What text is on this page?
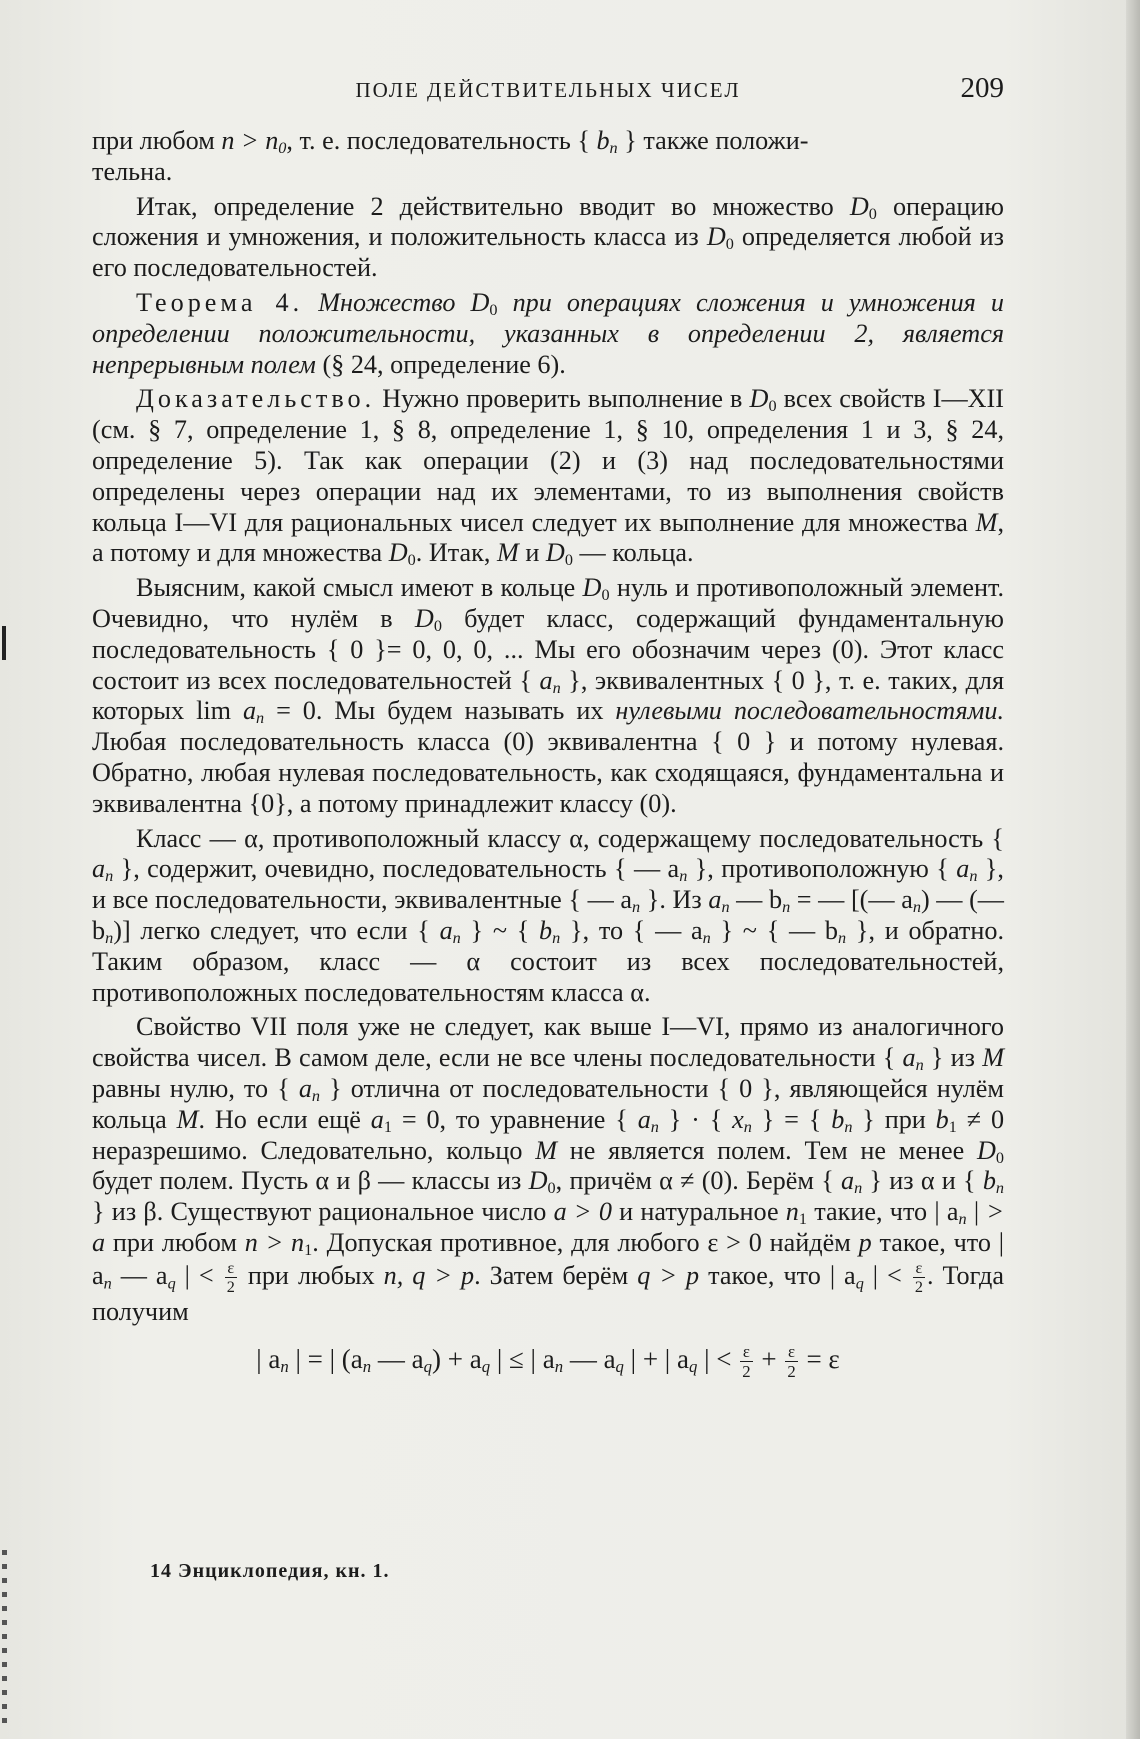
ПОЛЕ ДЕЙСТВИТЕЛЬНЫХ ЧИСЕЛ	209

при любом $n > n_0$, т. е. последовательность { $b_n$ } также положи-
тельна.

Итак, определение 2 действительно вводит во множество $D_0$ операцию сложения и умножения, и положительность класса из $D_0$ определяется любой из его последовательностей.

Теорема 4. Множество $D_0$ при операциях сложения и умножения и определении положительности, указанных в определении 2, является непрерывным полем (§ 24, определение 6).

Доказательство. Нужно проверить выполнение в $D_0$ всех свойств I—XII (см. § 7, определение 1, § 8, определение 1, § 10, определения 1 и 3, § 24, определение 5). Так как операции (2) и (3) над последовательностями определены через операции над их элементами, то из выполнения свойств кольца I—VI для рациональных чисел следует их выполнение для множества M, а потому и для множества $D_0$. Итак, M и $D_0$ — кольца.

Выясним, какой смысл имеют в кольце $D_0$ нуль и противоположный элемент. Очевидно, что нулём в $D_0$ будет класс, содержащий фундаментальную последовательность { 0 }= 0, 0, 0, ... Мы его обозначим через (0). Этот класс состоит из всех последовательностей { $a_n$ }, эквивалентных { 0 }, т. е. таких, для которых $\lim a_n = 0$. Мы будем называть их нулевыми последовательностями. Любая последовательность класса (0) эквивалентна { 0 } и потому нулевая. Обратно, любая нулевая последовательность, как сходящаяся, фундаментальна и эквивалентна {0}, а потому принадлежит классу (0).

Класс — α, противоположный классу α, содержащему последовательность { $a_n$ }, содержит, очевидно, последовательность { — $a_n$ }, противоположную { $a_n$ }, и все последовательности, эквивалентные { — $a_n$ }. Из $a_n$ — $b_n$ = — [(— $a_n$) — (— $b_n$)] легко следует, что если { $a_n$ } ~ { $b_n$ }, то { — $a_n$ } ~ { — $b_n$ }, и обратно. Таким образом, класс — α состоит из всех последовательностей, противоположных последовательностям класса α.

Свойство VII поля уже не следует, как выше I—VI, прямо из аналогичного свойства чисел. В самом деле, если не все члены последовательности { $a_n$ } из M равны нулю, то { $a_n$ } отлична от последовательности { 0 }, являющейся нулём кольца M. Но если ещё $a_1 = 0$, то уравнение { $a_n$ } · { $x_n$ } = { $b_n$ } при $b_1 \ne 0$ неразрешимо. Следовательно, кольцо M не является полем. Тем не менее $D_0$ будет полем. Пусть α и β — классы из $D_0$, причём α ≠ (0). Берём { $a_n$ } из α и { $b_n$ } из β. Существуют рациональное число a > 0 и натуральное $n_1$ такие, что | $a_n$ | > a при любом $n > n_1$. Допуская противное, для любого ε > 0 найдём p такое, что | $a_n$ — $a_q$ | < $\frac{\varepsilon}{2}$ при любых n, q > p. Затем берём q > p такое, что | $a_q$ | < $\frac{\varepsilon}{2}$ . Тогда получим

| $a_n$ | = | ($a_n$ — $a_q) + a_q$ | ≤ | $a_n$ — $a_q$ | + | $a_q$ | < $\frac{\varepsilon}{2} + \frac{\varepsilon}{2} = \varepsilon$

14 Энциклопедия, кн. 1.
